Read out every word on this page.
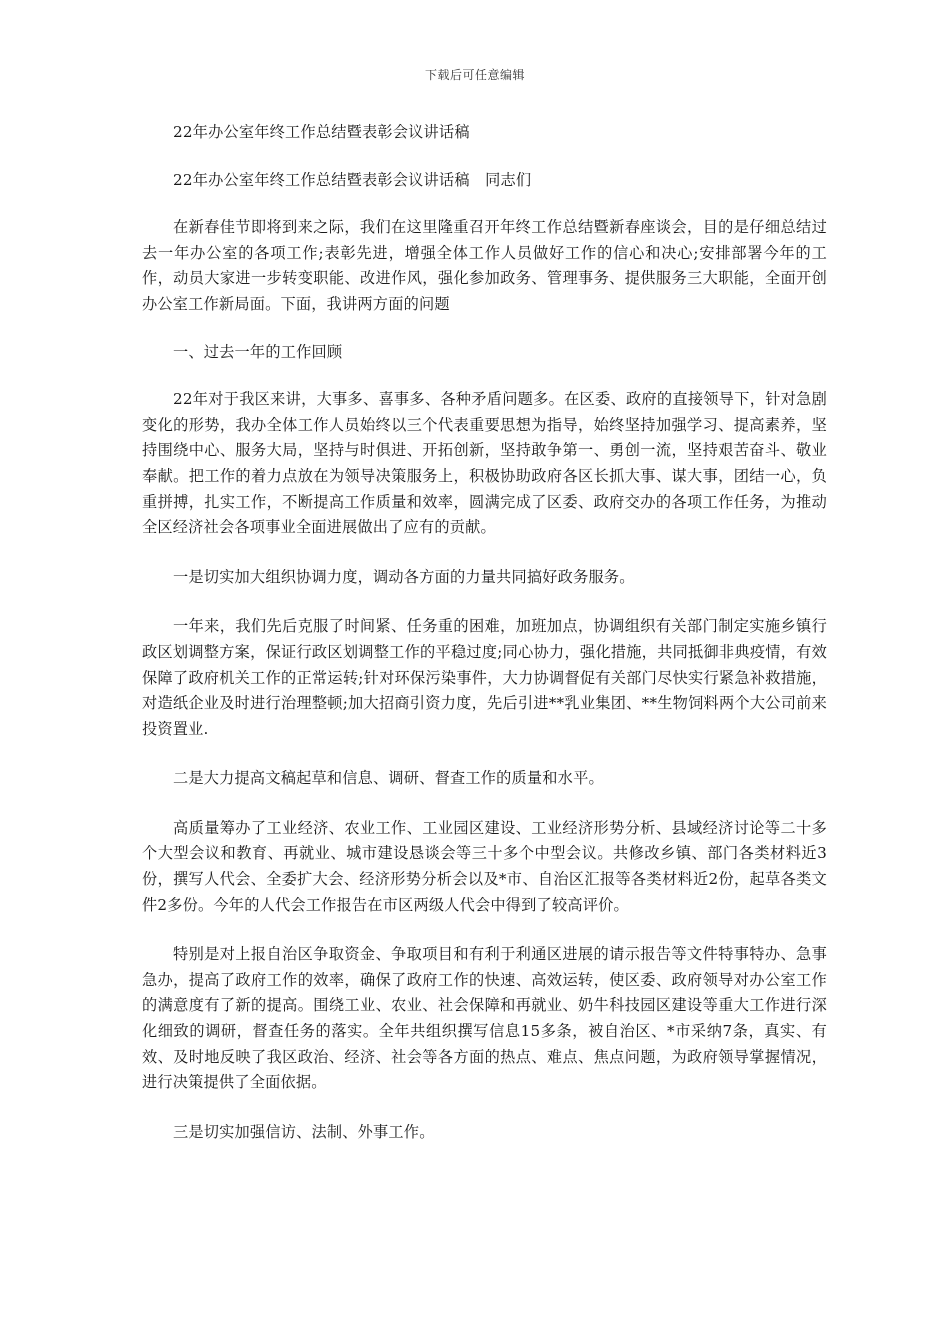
下载后可任意编辑

22年办公室年终工作总结暨表彰会议讲话稿

22年办公室年终工作总结暨表彰会议讲话稿　同志们

在新春佳节即将到来之际，我们在这里隆重召开年终工作总结暨新春座谈会，目的是仔细总结过去一年办公室的各项工作;表彰先进，增强全体工作人员做好工作的信心和决心;安排部署今年的工作，动员大家进一步转变职能、改进作风，强化参加政务、管理事务、提供服务三大职能，全面开创办公室工作新局面。下面，我讲两方面的问题

一、过去一年的工作回顾

22年对于我区来讲，大事多、喜事多、各种矛盾问题多。在区委、政府的直接领导下，针对急剧变化的形势，我办全体工作人员始终以三个代表重要思想为指导，始终坚持加强学习、提高素养，坚持围绕中心、服务大局，坚持与时俱进、开拓创新，坚持敢争第一、勇创一流，坚持艰苦奋斗、敬业奉献。把工作的着力点放在为领导决策服务上，积极协助政府各区长抓大事、谋大事，团结一心，负重拼搏，扎实工作，不断提高工作质量和效率，圆满完成了区委、政府交办的各项工作任务，为推动全区经济社会各项事业全面进展做出了应有的贡献。

一是切实加大组织协调力度，调动各方面的力量共同搞好政务服务。

一年来，我们先后克服了时间紧、任务重的困难，加班加点，协调组织有关部门制定实施乡镇行政区划调整方案，保证行政区划调整工作的平稳过度;同心协力，强化措施，共同抵御非典疫情，有效保障了政府机关工作的正常运转;针对环保污染事件，大力协调督促有关部门尽快实行紧急补救措施，对造纸企业及时进行治理整顿;加大招商引资力度，先后引进**乳业集团、**生物饲料两个大公司前来投资置业.

二是大力提高文稿起草和信息、调研、督查工作的质量和水平。

高质量筹办了工业经济、农业工作、工业园区建设、工业经济形势分析、县域经济讨论等二十多个大型会议和教育、再就业、城市建设恳谈会等三十多个中型会议。共修改乡镇、部门各类材料近3份，撰写人代会、全委扩大会、经济形势分析会以及*市、自治区汇报等各类材料近2份，起草各类文件2多份。今年的人代会工作报告在市区两级人代会中得到了较高评价。

特别是对上报自治区争取资金、争取项目和有利于利通区进展的请示报告等文件特事特办、急事急办，提高了政府工作的效率，确保了政府工作的快速、高效运转，使区委、政府领导对办公室工作的满意度有了新的提高。围绕工业、农业、社会保障和再就业、奶牛科技园区建设等重大工作进行深化细致的调研，督查任务的落实。全年共组织撰写信息15多条，被自治区、*市采纳7条，真实、有效、及时地反映了我区政治、经济、社会等各方面的热点、难点、焦点问题，为政府领导掌握情况，进行决策提供了全面依据。

三是切实加强信访、法制、外事工作。
